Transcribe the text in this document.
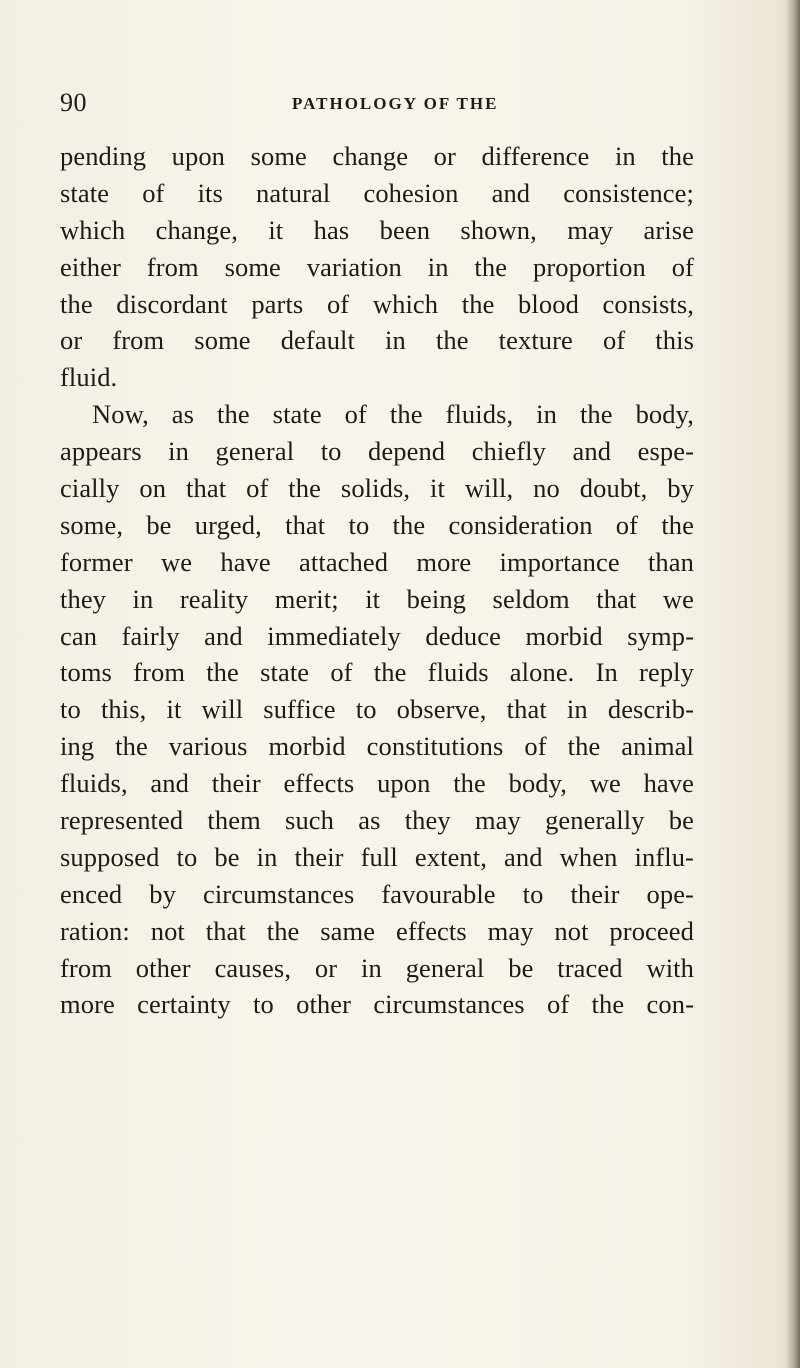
90	PATHOLOGY OF THE
pending upon some change or difference in the
state of its natural cohesion and consistence;
which change, it has been shown, may arise
either from some variation in the proportion of
the discordant parts of which the blood consists,
or from some default in the texture of this
fluid.
Now, as the state of the fluids, in the body,
appears in general to depend chiefly and espe-
cially on that of the solids, it will, no doubt, by
some, be urged, that to the consideration of the
former we have attached more importance than
they in reality merit; it being seldom that we
can fairly and immediately deduce morbid symp-
toms from the state of the fluids alone. In reply
to this, it will suffice to observe, that in describ-
ing the various morbid constitutions of the animal
fluids, and their effects upon the body, we have
represented them such as they may generally be
supposed to be in their full extent, and when influ-
enced by circumstances favourable to their ope-
ration: not that the same effects may not proceed
from other causes, or in general be traced with
more certainty to other circumstances of the con-
